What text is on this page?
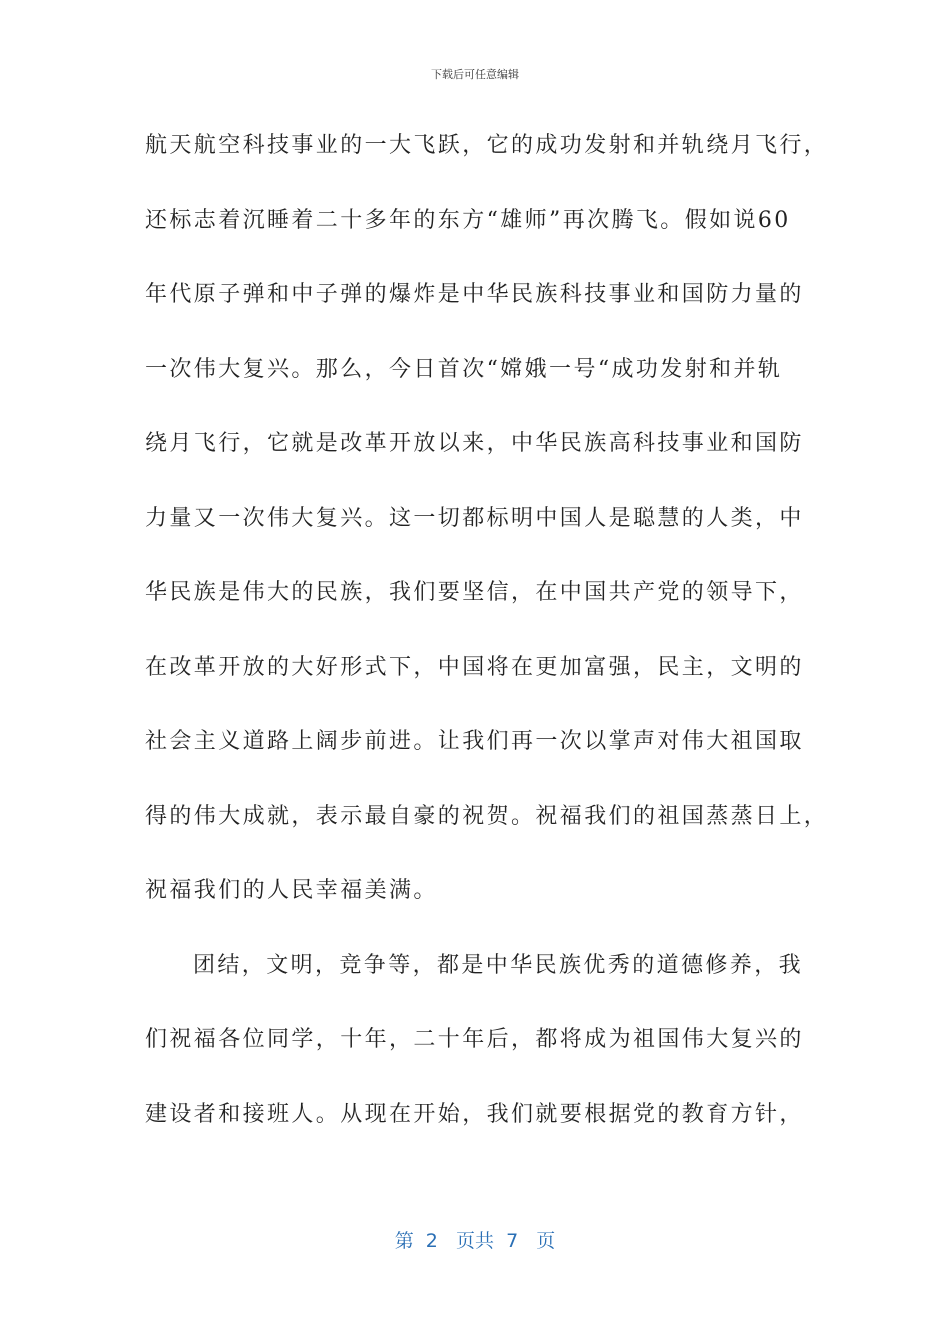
下载后可任意编辑
航天航空科技事业的一大飞跃，它的成功发射和并轨绕月飞行，
还标志着沉睡着二十多年的东方“雄师”再次腾飞。假如说60
年代原子弹和中子弹的爆炸是中华民族科技事业和国防力量的
一次伟大复兴。那么，今日首次“嫦娥一号“成功发射和并轨
绕月飞行，它就是改革开放以来，中华民族高科技事业和国防
力量又一次伟大复兴。这一切都标明中国人是聪慧的人类，中
华民族是伟大的民族，我们要坚信，在中国共产党的领导下，
在改革开放的大好形式下，中国将在更加富强，民主，文明的
社会主义道路上阔步前进。让我们再一次以掌声对伟大祖国取
得的伟大成就，表示最自豪的祝贺。祝福我们的祖国蒸蒸日上，
祝福我们的人民幸福美满。
团结，文明，竞争等，都是中华民族优秀的道德修养，我
们祝福各位同学，十年，二十年后，都将成为祖国伟大复兴的
建设者和接班人。从现在开始，我们就要根据党的教育方针，
第  2   页共  7   页
